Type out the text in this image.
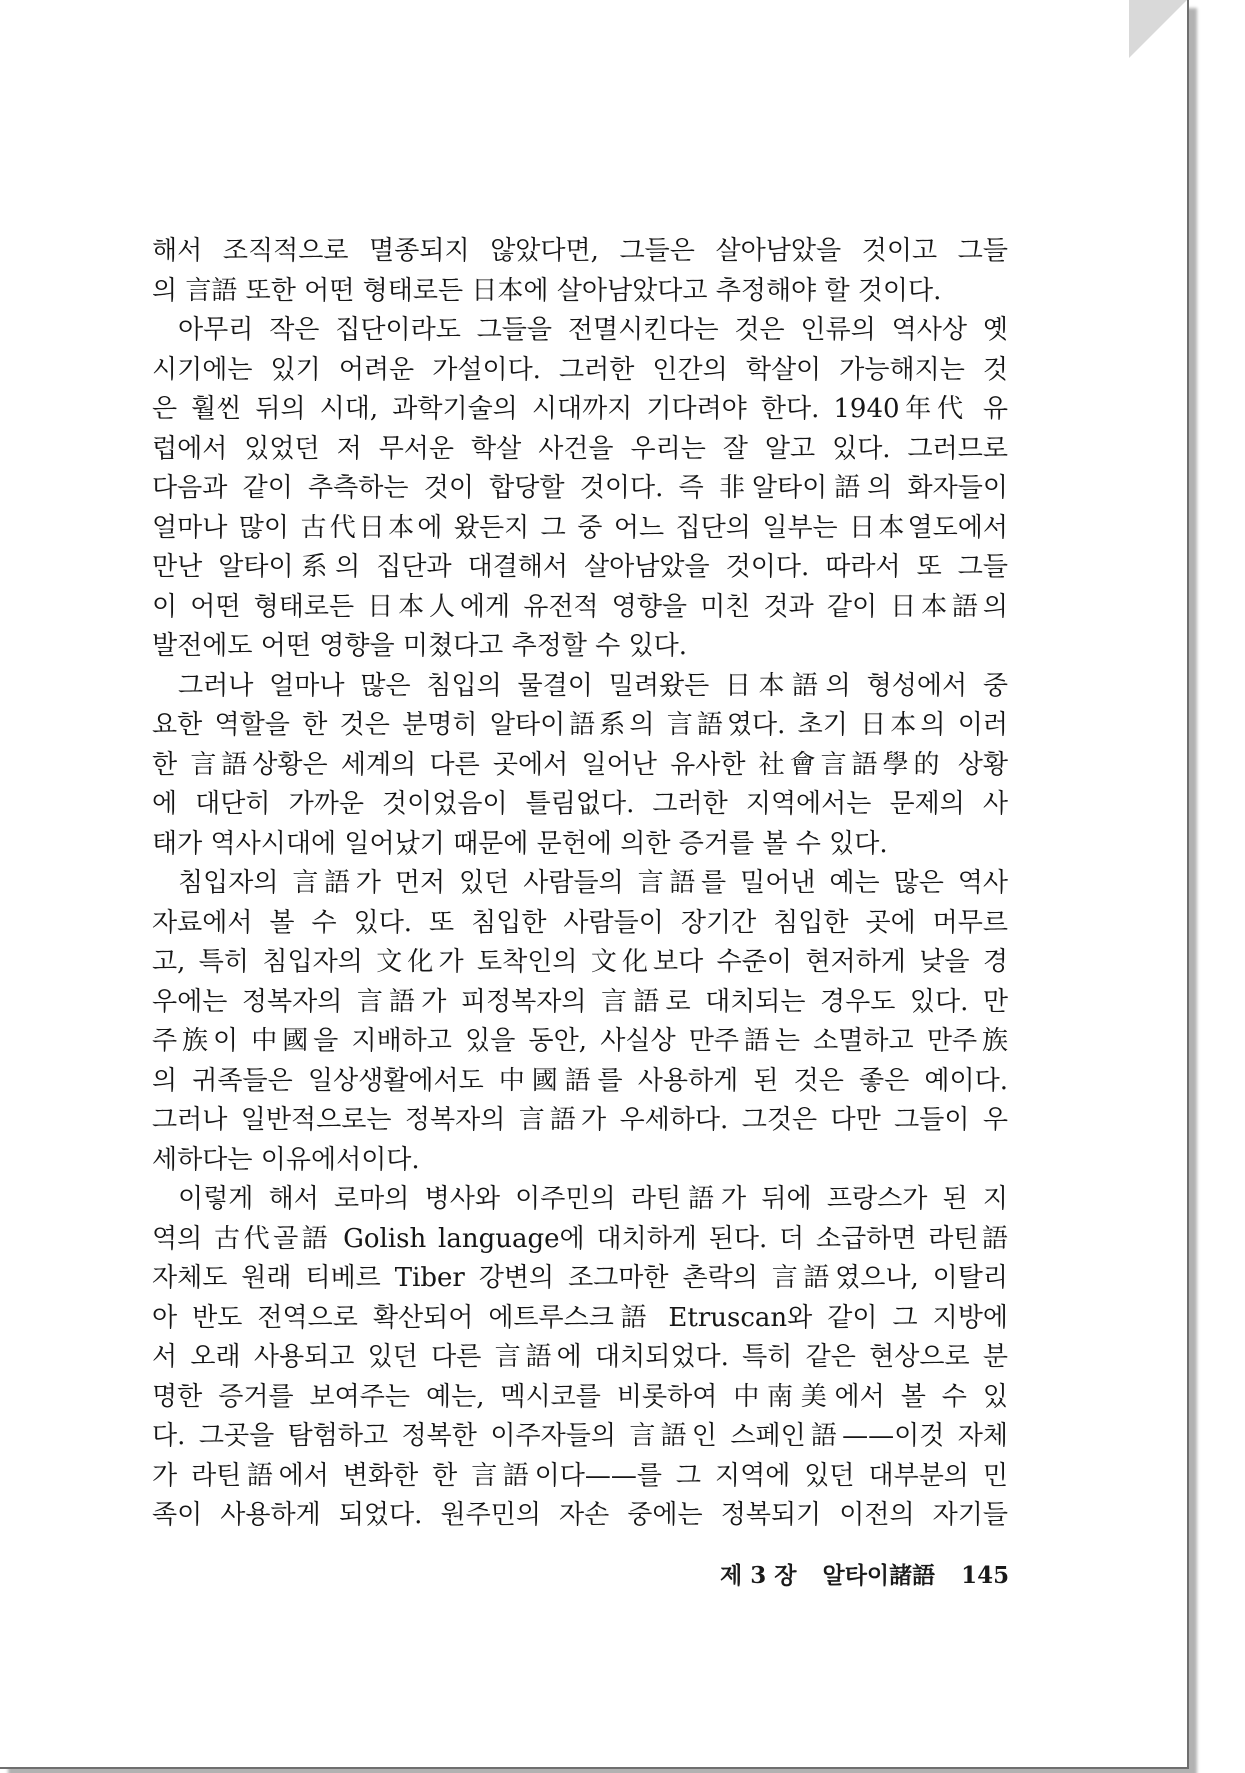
해서 조직적으로 멸종되지 않았다면, 그들은 살아남았을 것이고 그들
의 言語 또한 어떤 형태로든 日本에 살아남았다고 추정해야 할 것이다.
아무리 작은 집단이라도 그들을 전멸시킨다는 것은 인류의 역사상 옛
시기에는 있기 어려운 가설이다. 그러한 인간의 학살이 가능해지는 것
은 훨씬 뒤의 시대, 과학기술의 시대까지 기다려야 한다. 1940年代 유
럽에서 있었던 저 무서운 학살 사건을 우리는 잘 알고 있다. 그러므로
다음과 같이 추측하는 것이 합당할 것이다. 즉 非알타이語의 화자들이
얼마나 많이 古代日本에 왔든지 그 중 어느 집단의 일부는 日本열도에서
만난 알타이系의 집단과 대결해서 살아남았을 것이다. 따라서 또 그들
이 어떤 형태로든 日本人에게 유전적 영향을 미친 것과 같이 日本語의
발전에도 어떤 영향을 미쳤다고 추정할 수 있다.
그러나 얼마나 많은 침입의 물결이 밀려왔든 日本語의 형성에서 중
요한 역할을 한 것은 분명히 알타이語系의 言語였다. 초기 日本의 이러
한 言語상황은 세계의 다른 곳에서 일어난 유사한 社會言語學的 상황
에 대단히 가까운 것이었음이 틀림없다. 그러한 지역에서는 문제의 사
태가 역사시대에 일어났기 때문에 문헌에 의한 증거를 볼 수 있다.
침입자의 言語가 먼저 있던 사람들의 言語를 밀어낸 예는 많은 역사
자료에서 볼 수 있다. 또 침입한 사람들이 장기간 침입한 곳에 머무르
고, 특히 침입자의 文化가 토착인의 文化보다 수준이 현저하게 낮을 경
우에는 정복자의 言語가 피정복자의 言語로 대치되는 경우도 있다. 만
주族이 中國을 지배하고 있을 동안, 사실상 만주語는 소멸하고 만주族
의 귀족들은 일상생활에서도 中國語를 사용하게 된 것은 좋은 예이다.
그러나 일반적으로는 정복자의 言語가 우세하다. 그것은 다만 그들이 우
세하다는 이유에서이다.
이렇게 해서 로마의 병사와 이주민의 라틴語가 뒤에 프랑스가 된 지
역의 古代골語 Golish language에 대치하게 된다. 더 소급하면 라틴語
자체도 원래 티베르 Tiber 강변의 조그마한 촌락의 言語였으나, 이탈리
아 반도 전역으로 확산되어 에트루스크語 Etruscan와 같이 그 지방에
서 오래 사용되고 있던 다른 言語에 대치되었다. 특히 같은 현상으로 분
명한 증거를 보여주는 예는, 멕시코를 비롯하여 中南美에서 볼 수 있
다. 그곳을 탐험하고 정복한 이주자들의 言語인 스페인語——이것 자체
가 라틴語에서 변화한 한 言語이다——를 그 지역에 있던 대부분의 민
족이 사용하게 되었다. 원주민의 자손 중에는 정복되기 이전의 자기들
제 3 장 알타이諸語 145
